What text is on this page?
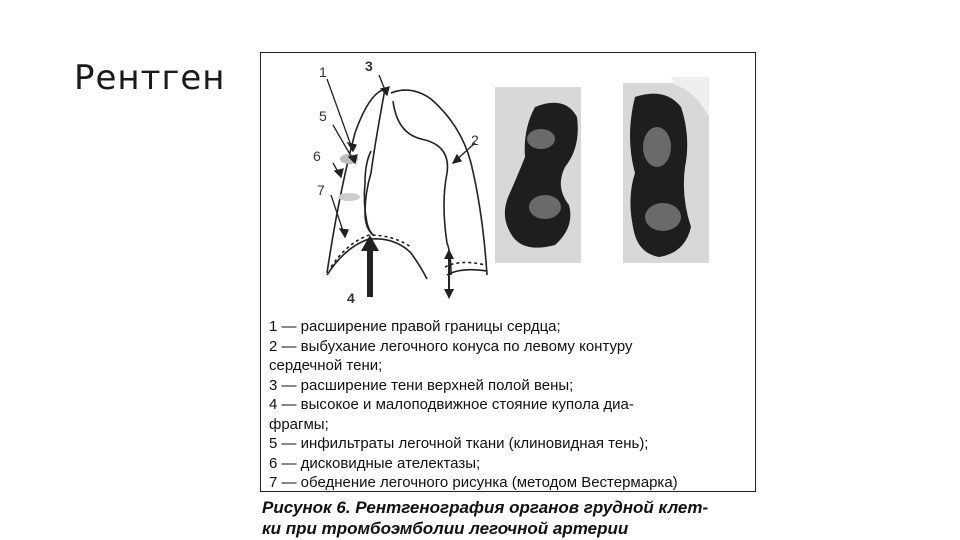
Рентген	1
2
3
4
5
6
7
1 — расширение правой границы сердца;
2 — выбухание легочного конуса по левому контуру
сердечной тени;
3 — расширение тени верхней полой вены;
4 — высокое и малоподвижное стояние купола диа-
фрагмы;
5 — инфильтраты легочной ткани (клиновидная тень);
6 — дисковидные ателектазы;
7 — обеднение легочного рисунка (методом Вестермарка)
Рисунок 6. Рентгенография органов грудной клет-
ки при тромбоэмболии легочной артерии
